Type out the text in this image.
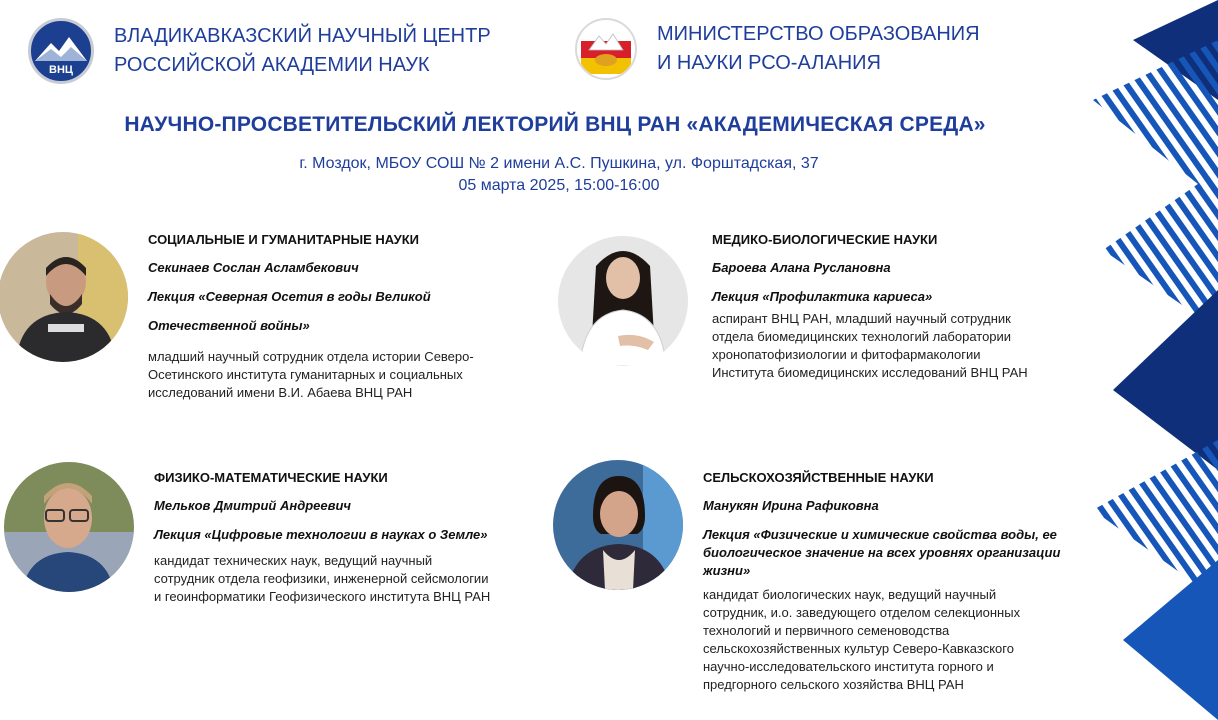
ВНЦ
ВЛАДИКАВКАЗСКИЙ НАУЧНЫЙ ЦЕНТР
РОССИЙСКОЙ АКАДЕМИИ НАУК
МИНИСТЕРСТВО ОБРАЗОВАНИЯ
И НАУКИ РСО-АЛАНИЯ
НАУЧНО-ПРОСВЕТИТЕЛЬСКИЙ ЛЕКТОРИЙ ВНЦ РАН «АКАДЕМИЧЕСКАЯ СРЕДА»
г. Моздок, МБОУ СОШ № 2 имени А.С. Пушкина, ул. Форштадская, 37
05 марта 2025, 15:00-16:00
СОЦИАЛЬНЫЕ И ГУМАНИТАРНЫЕ НАУКИ
Секинаев Сослан Асламбекович
Лекция «Северная Осетия в годы Великой
Отечественной войны»
младший научный сотрудник отдела истории Северо-
Осетинского института гуманитарных и социальных
исследований имени В.И. Абаева ВНЦ РАН
МЕДИКО-БИОЛОГИЧЕСКИЕ НАУКИ
Бароева Алана Руслановна
Лекция «Профилактика кариеса»
аспирант ВНЦ РАН, младший научный сотрудник
отдела биомедицинских технологий лаборатории
хронопатофизиологии и фитофармакологии
Института биомедицинских исследований ВНЦ РАН
ФИЗИКО-МАТЕМАТИЧЕСКИЕ НАУКИ
Мельков Дмитрий Андреевич
Лекция «Цифровые технологии в науках о Земле»
кандидат технических наук, ведущий научный
сотрудник отдела геофизики, инженерной сейсмологии
и геоинформатики Геофизического института ВНЦ РАН
СЕЛЬСКОХОЗЯЙСТВЕННЫЕ НАУКИ
Манукян Ирина Рафиковна
Лекция «Физические и химические свойства воды, ее
биологическое значение на всех уровнях организации
жизни»
кандидат биологических наук, ведущий научный
сотрудник, и.о. заведующего отделом селекционных
технологий и первичного семеноводства
сельскохозяйственных культур Северо-Кавказского
научно-исследовательского института горного и
предгорного сельского хозяйства ВНЦ РАН
